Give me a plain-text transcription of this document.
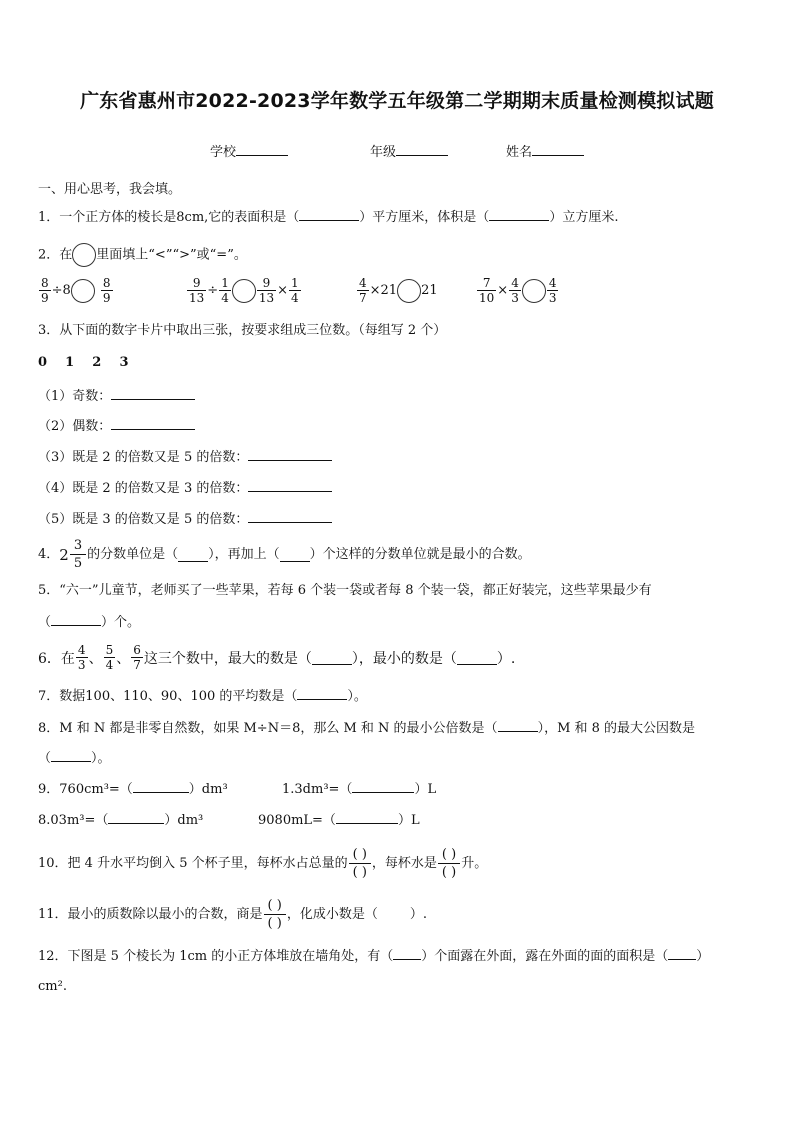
广东省惠州市2022-2023学年数学五年级第二学期期末质量检测模拟试题
学校	年级	姓名
一、用心思考，我会填。
1．一个正方体的棱长是8cm,它的表面积是（	）平方厘米，体积是（	）立方厘米.
2．在 里面填上“<”“>”或“=”。
$\frac{8}{9} \div 8$	$\frac{8}{9}$	$\frac{9}{13} \div \frac{1}{4} \frac{9}{13} \times \frac{1}{4}$	$\frac{4}{7} \times 21$ 21	$\frac{7}{10} \times \frac{4}{3} \frac{4}{3}$
3．从下面的数字卡片中取出三张，按要求组成三位数。（每组写 2 个）
0    1    2    3
（1）奇数：
（2）偶数：
（3）既是 2 的倍数又是 5 的倍数：
（4）既是 2 的倍数又是 3 的倍数：
（5）既是 3 的倍数又是 5 的倍数：
4． $2 \frac{3}{5}$ 的分数单位是（ ），再加上（ ）个这样的分数单位就是最小的合数。
5．“六一”儿童节，老师买了一些苹果，若每 6 个装一袋或者每 8 个装一袋，都正好装完，这些苹果最少有
（	）个。
6．在 $\frac{4}{3}$ 、 $\frac{5}{4}$ 、 $\frac{6}{7}$ 这三个数中，最大的数是（	），最小的数是（	）.
7．数据100、110、90、100 的平均数是（	）。
8．M 和 N 都是非零自然数，如果 M÷N＝8，那么 M 和 N 的最小公倍数是（	），M 和 8 的最大公因数是
（	）。
9．760cm³=（	）dm³	1.3dm³=（	）L
8.03m³=（	）dm³	9080mL=（	）L
10．把 4 升水平均倒入 5 个杯子里，每杯水占总量的 $\frac{( )}{( )}$ ，每杯水是 $\frac{( )}{( )}$ 升。
11．最小的质数除以最小的合数，商是 $\frac{( )}{( )}$ ，化成小数是（ ）.
12．下图是 5 个棱长为 1cm 的小正方体堆放在墙角处，有（ ）个面露在外面，露在外面的面的面积是（ ）
cm².
